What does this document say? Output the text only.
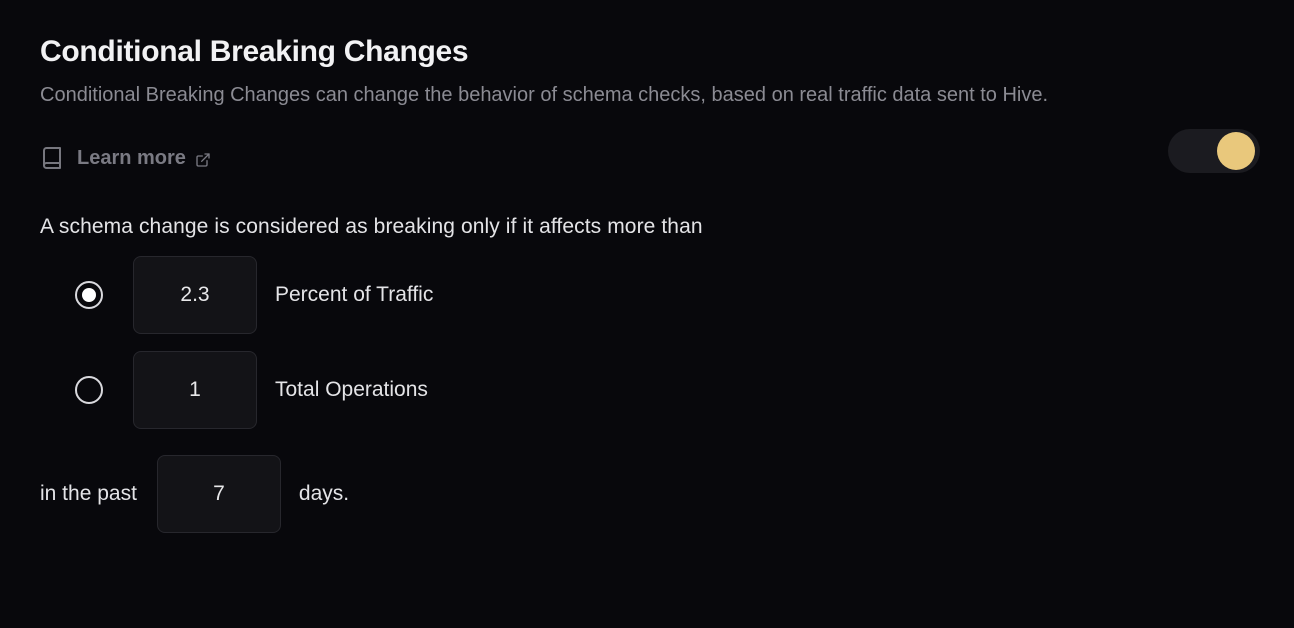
Conditional Breaking Changes

Conditional Breaking Changes can change the behavior of schema checks, based on real traffic data sent to Hive.

Learn more
A schema change is considered as breaking only if it affects more than
2.3
Percent of Traffic
1
Total Operations
in the past
7	days.
